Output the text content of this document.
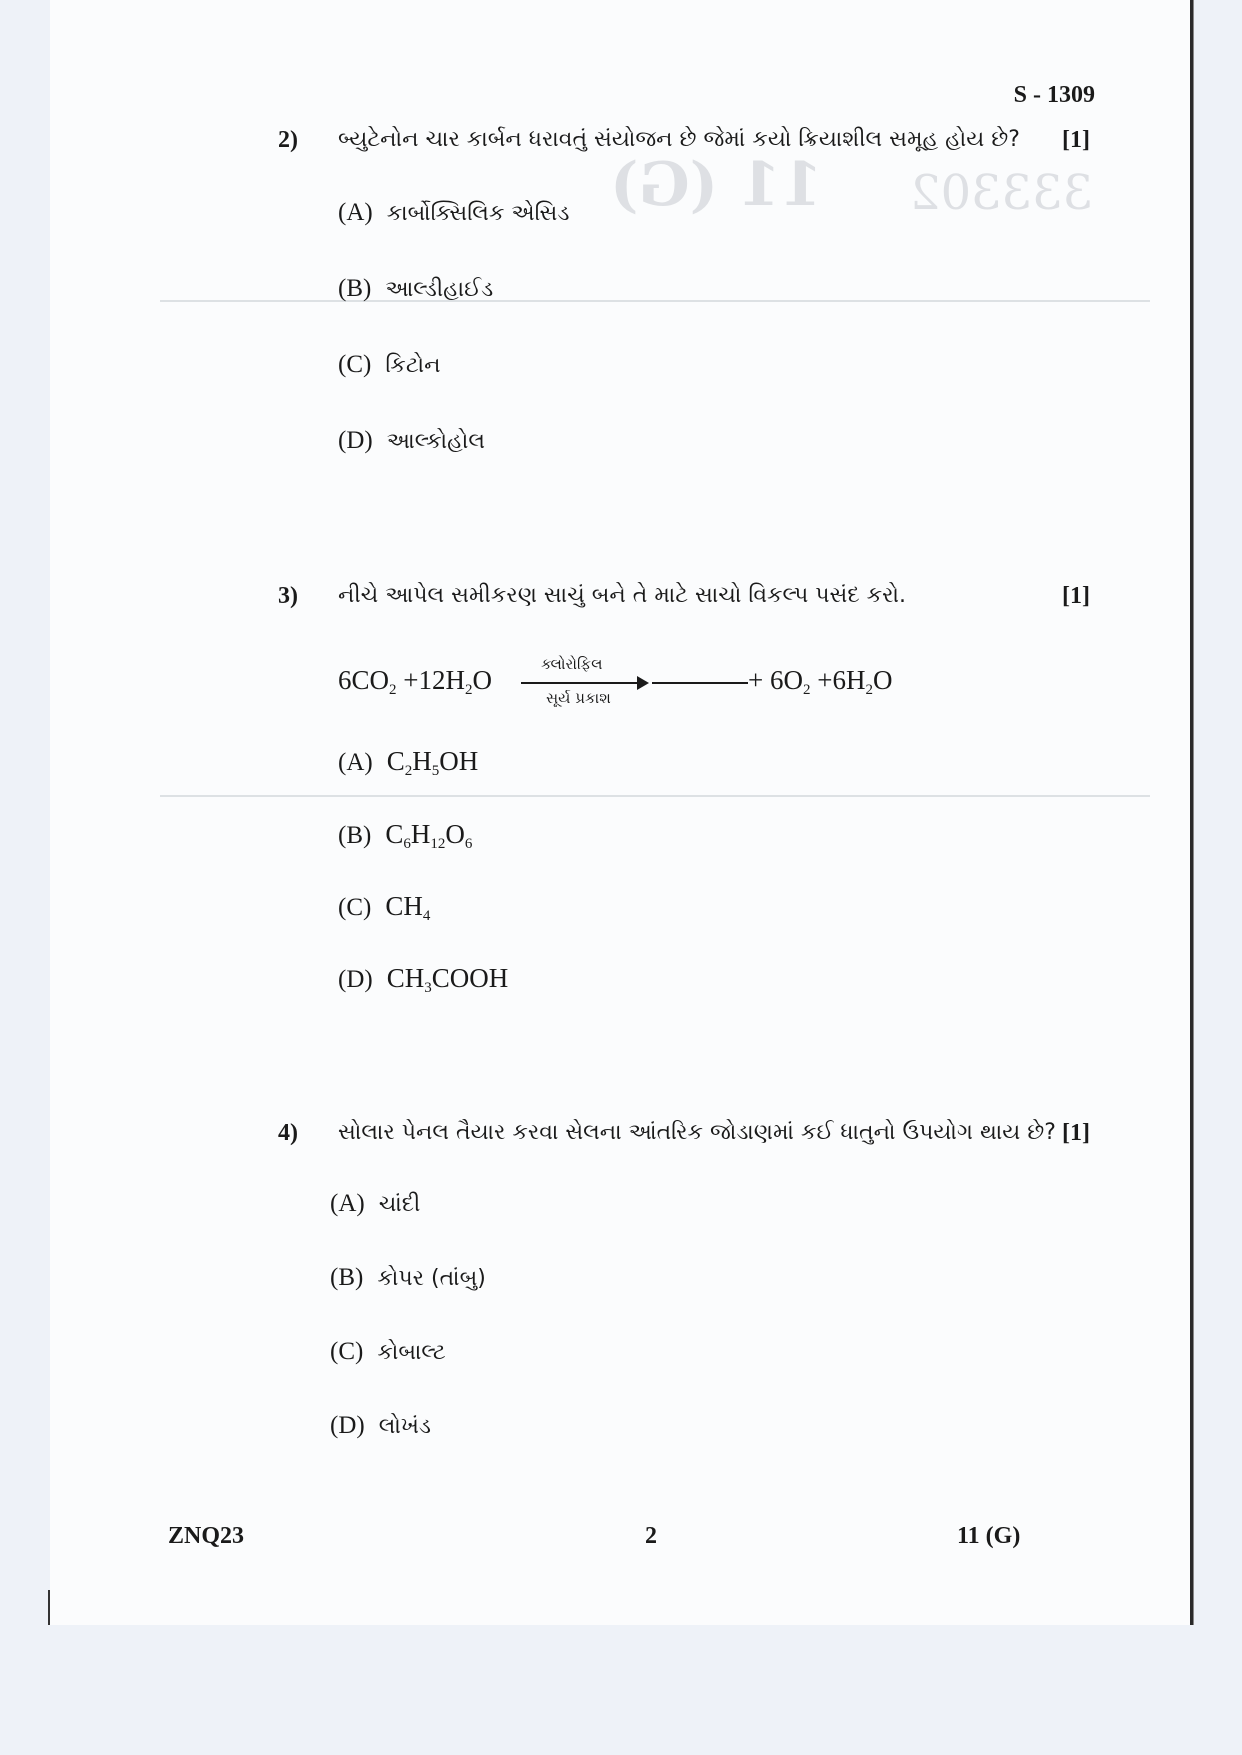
11 (G) 333302
S - 1309
2) બ્યુટેનોન ચાર કાર્બન ધરાવતું સંયોજન છે જેમાં કયો ક્રિયાશીલ સમૂહ હોય છે? [1]
(A) કાર્બોક્સિલિક એસિડ
(B) આલ્ડીહાઈડ
(C) કિટોન
(D) આલ્કોહોલ
3) નીચે આપેલ સમીકરણ સાચું બને તે માટે સાચો વિકલ્પ પસંદ કરો.	[1]
$6CO_2 +12H_2O$
ક્લોરોફિલ
સૂર્ય પ્રકાશ
+ $6O_2 +6H_2O$
(A) $C_2H_5OH$
(B) $C_6H_{12}O_6$
(C) $CH_4$
(D) $CH_3COOH$
4) સોલાર પેનલ તૈયાર કરવા સેલના આંતરિક જોડાણમાં કઈ ધાતુનો ઉપયોગ થાય છે? [1]
(A) ચાંદી
(B) કોપર (તાંબુ)
(C) કોબાલ્ટ
(D) લોખંડ
ZNQ23	2	11 (G)
